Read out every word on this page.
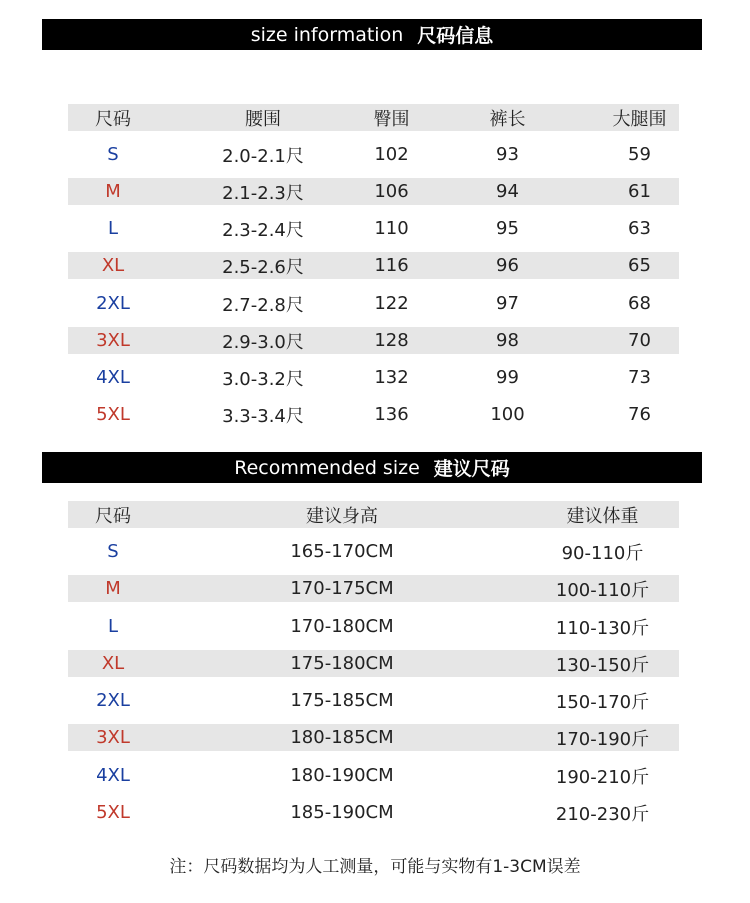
size information 尺码信息
尺码	腰围	臀围	裤长	大腿围
S	2.0-2.1尺	102	93	59
M	2.1-2.3尺	106	94	61
L	2.3-2.4尺	110	95	63
XL	2.5-2.6尺	116	96	65
2XL	2.7-2.8尺	122	97	68
3XL	2.9-3.0尺	128	98	70
4XL	3.0-3.2尺	132	99	73
5XL	3.3-3.4尺	136	100	76
Recommended size 建议尺码
尺码	建议身高	建议体重
S	165-170CM	90-110斤
M	170-175CM	100-110斤
L	170-180CM	110-130斤
XL	175-180CM	130-150斤
2XL	175-185CM	150-170斤
3XL	180-185CM	170-190斤
4XL	180-190CM	190-210斤
5XL	185-190CM	210-230斤
注：尺码数据均为人工测量，可能与实物有1-3CM误差
